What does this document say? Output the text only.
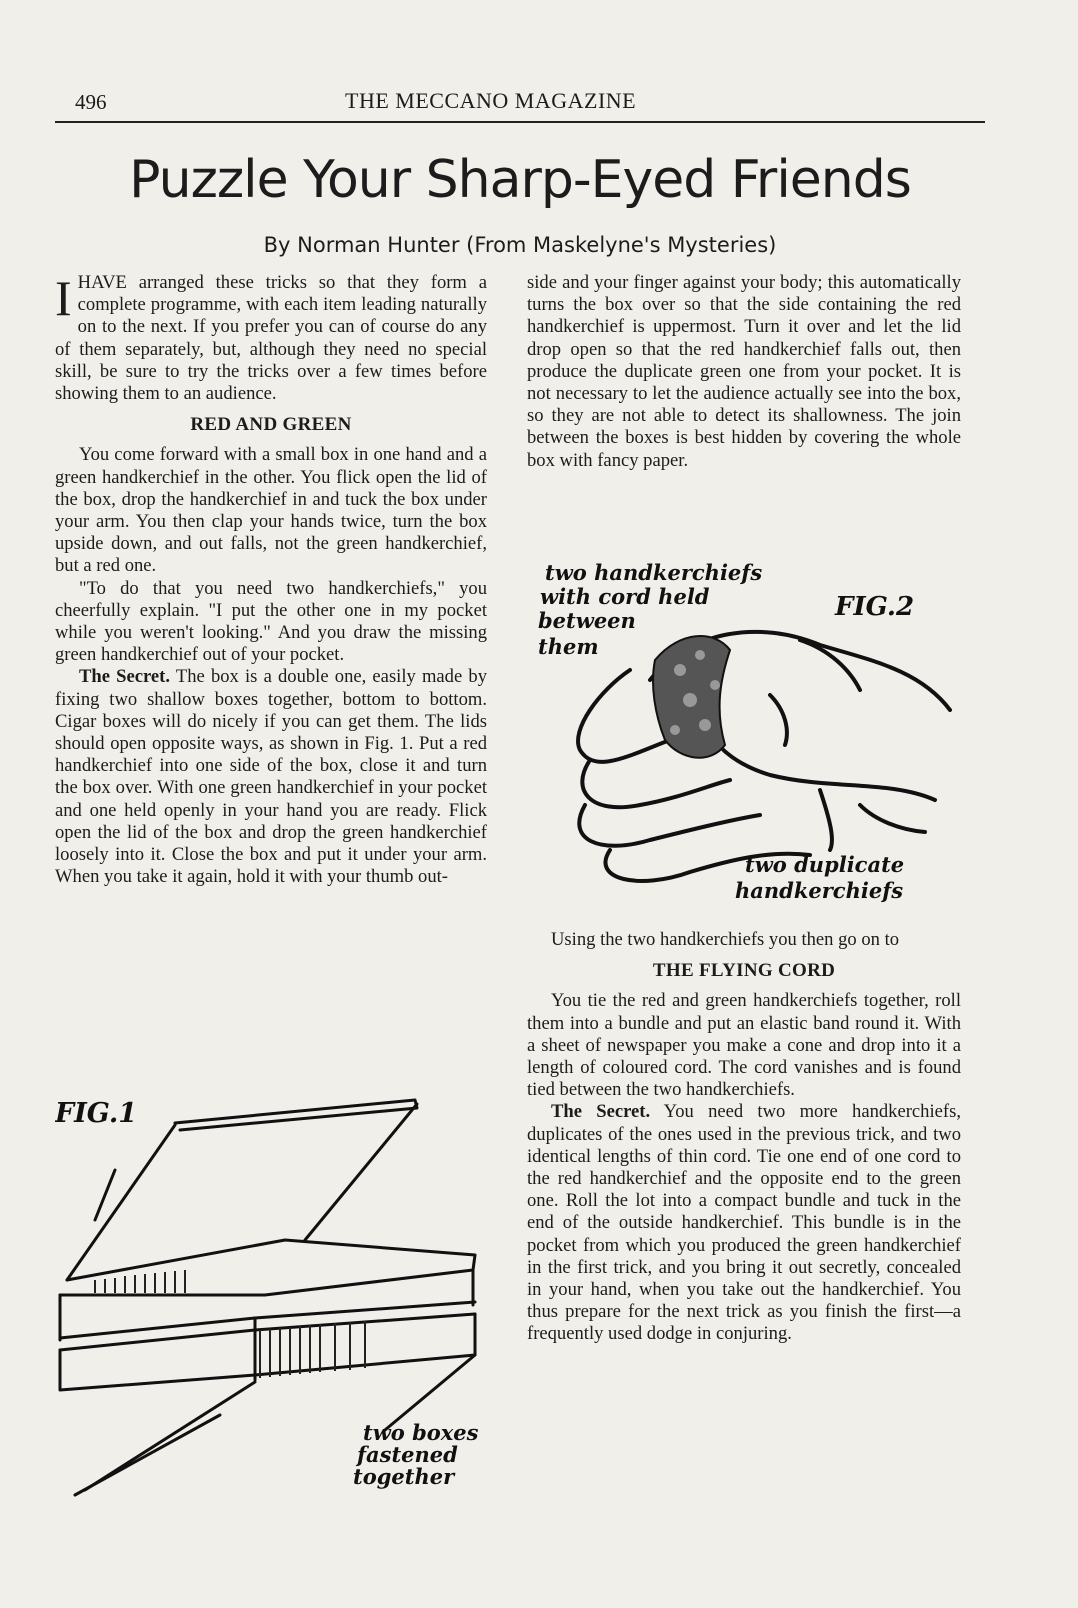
496	THE MECCANO MAGAZINE
Puzzle Your Sharp-Eyed Friends
By Norman Hunter (From Maskelyne's Mysteries)

IHAVE arranged these tricks so that they form a complete programme, with each item leading naturally on to the next. If you prefer you can of course do any of them separately, but, although they need no special skill, be sure to try the tricks over a few times before showing them to an audience.

RED AND GREEN

You come forward with a small box in one hand and a green handkerchief in the other. You flick open the lid of the box, drop the handkerchief in and tuck the box under your arm. You then clap your hands twice, turn the box upside down, and out falls, not the green handkerchief, but a red one.

"To do that you need two handkerchiefs," you cheerfully explain. "I put the other one in my pocket while you weren't looking." And you draw the missing green handkerchief out of your pocket.

The Secret. The box is a double one, easily made by fixing two shallow boxes together, bottom to bottom. Cigar boxes will do nicely if you can get them. The lids should open opposite ways, as shown in Fig. 1. Put a red handkerchief into one side of the box, close it and turn the box over. With one green handkerchief in your pocket and one held openly in your hand you are ready. Flick open the lid of the box and drop the green handkerchief loosely into it. Close the box and put it under your arm. When you take it again, hold it with your thumb out-

FIG.1
two boxes
fastened
together

side and your finger against your body; this automatically turns the box over so that the side containing the red handkerchief is uppermost. Turn it over and let the lid drop open so that the red handkerchief falls out, then produce the duplicate green one from your pocket. It is not necessary to let the audience actually see into the box, so they are not able to detect its shallowness. The join between the boxes is best hidden by covering the whole box with fancy paper.

two handkerchiefs
with cord held
between
them
FIG.2
two duplicate
handkerchiefs

Using the two handkerchiefs you then go on to

THE FLYING CORD

You tie the red and green handkerchiefs together, roll them into a bundle and put an elastic band round it. With a sheet of newspaper you make a cone and drop into it a length of coloured cord. The cord vanishes and is found tied between the two handkerchiefs.

The Secret. You need two more handkerchiefs, duplicates of the ones used in the previous trick, and two identical lengths of thin cord. Tie one end of one cord to the red handkerchief and the opposite end to the green one. Roll the lot into a compact bundle and tuck in the end of the outside handkerchief. This bundle is in the pocket from which you produced the green handkerchief in the first trick, and you bring it out secretly, concealed in your hand, when you take out the handkerchief. You thus prepare for the next trick as you finish the first—a frequently used dodge in conjuring.
